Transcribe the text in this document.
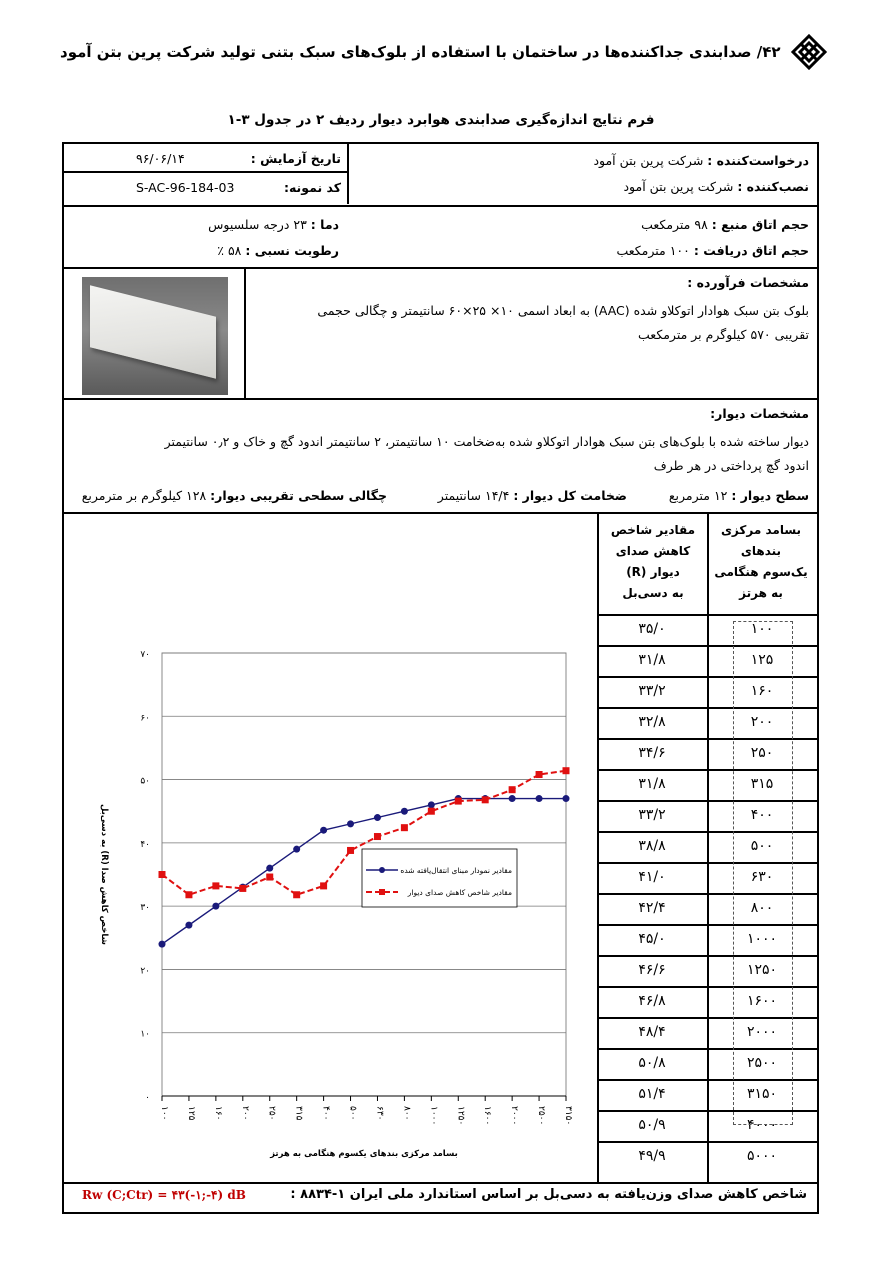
۴۲/ صدابندی جداکننده‌ها در ساختمان با استفاده از بلوک‌های سبک بتنی تولید شرکت پرین بتن آمود
فرم نتایج اندازه‌گیری صدابندی هوابرد دیوار ردیف ۲ در جدول ۳-۱
درخواست‌کننده : شرکت پرین بتن آمود
نصب‌کننده : شرکت پرین بتن آمود
تاریخ آزمایش :
۹۶/۰۶/۱۴
کد نمونه:
S-AC-96-184-03
حجم اتاق منبع : ۹۸ مترمکعب
حجم اتاق دریافت : ۱۰۰ مترمکعب
دما : ۲۳ درجه سلسیوس
رطوبت نسبی : ۵۸ ٪
مشخصات فرآورده :
بلوک بتن سبک هوادار اتوکلاو شده (AAC) به ابعاد اسمی ۱۰× ۲۵×۶۰ سانتیمتر و چگالی حجمی
تقریبی ۵۷۰ کیلوگرم بر مترمکعب
مشخصات دیوار:
دیوار ساخته شده با بلوک‌های بتن سبک هوادار اتوکلاو شده به‌ضخامت ۱۰ سانتیمتر، ۲ سانتیمتر اندود گچ و خاک و ۰٫۲ سانتیمتر
اندود گچ پرداختی در هر طرف
سطح دیوار : ۱۲ مترمربع
ضخامت کل دیوار : ۱۴/۴ سانتیمتر
چگالی سطحی تقریبی دیوار: ۱۲۸ کیلوگرم بر مترمربع
بسامد مرکزی
بندهای
یک‌سوم هنگامی
به هرتز
مقادیر شاخص
کاهش صدای
دیوار (R)
به دسی‌بل
۱۰۰
۳۵/۰
۱۲۵
۳۱/۸
۱۶۰
۳۳/۲
۲۰۰
۳۲/۸
۲۵۰
۳۴/۶
۳۱۵
۳۱/۸
۴۰۰
۳۳/۲
۵۰۰
۳۸/۸
۶۳۰
۴۱/۰
۸۰۰
۴۲/۴
۱۰۰۰
۴۵/۰
۱۲۵۰
۴۶/۶
۱۶۰۰
۴۶/۸
۲۰۰۰
۴۸/۴
۲۵۰۰
۵۰/۸
۳۱۵۰
۵۱/۴
۴۰۰۰
۵۰/۹
۵۰۰۰
۴۹/۹
۰
۱۰
۲۰
۳۰
۴۰
۵۰
۶۰
۷۰
۱۰۰ ۱۲۵ ۱۶۰ ۲۰۰ ۲۵۰ ۳۱۵ ۴۰۰ ۵۰۰ ۶۳۰ ۸۰۰ ۱۰۰۰ ۱۲۵۰ ۱۶۰۰ ۲۰۰۰ ۲۵۰۰ ۳۱۵۰
شاخص کاهش صدا (R) به دسی‌بل
بسامد مرکزی بندهای یکسوم هنگامی به هرتز
مقادیر نمودار مبنای انتقال‌یافته شده
مقادیر شاخص کاهش صدای دیوار
شاخص کاهش صدای وزن‌یافته به دسی‌بل بر اساس استاندارد ملی ایران ۱-۸۸۳۴ :
Rw (C;Ctr) = ۴۳(-۱;-۴) dB
